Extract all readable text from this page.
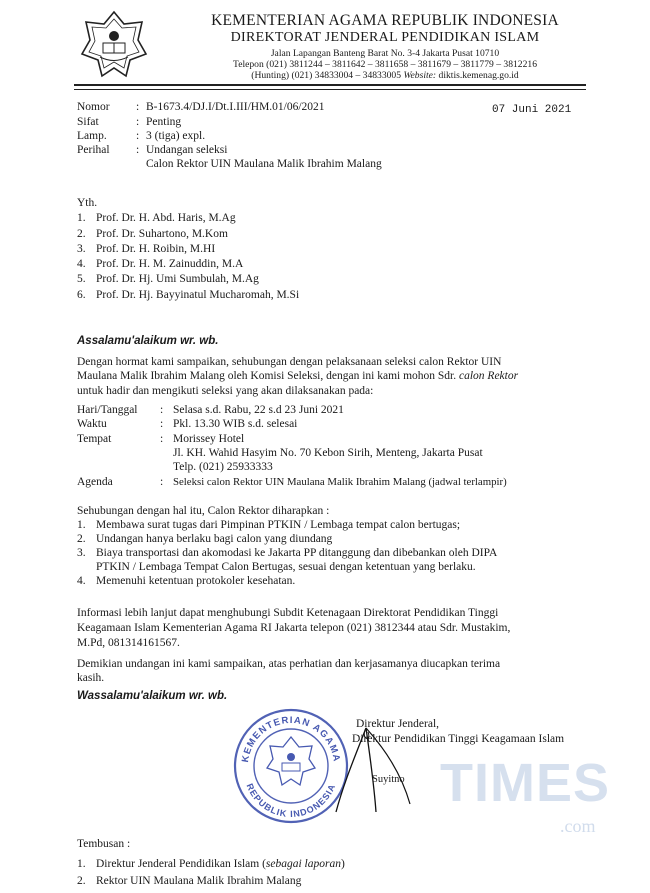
KEMENTERIAN AGAMA REPUBLIK INDONESIA
DIREKTORAT JENDERAL PENDIDIKAN ISLAM
Jalan Lapangan Banteng Barat No. 3-4 Jakarta Pusat 10710
Telepon (021) 3811244 – 3811642 – 3811658 – 3811679 – 3811779 – 3812216
(Hunting) (021) 34833004 – 34833005 Website: diktis.kemenag.go.id
Nomor : B-1673.4/DJ.I/Dt.I.III/HM.01/06/2021	07 Juni 2021
Sifat	: Penting
Lamp.	: 3 (tiga) expl.
Perihal : Undangan seleksi
Calon Rektor UIN Maulana Malik Ibrahim Malang
Yth.
1. Prof. Dr. H. Abd. Haris, M.Ag
2. Prof. Dr. Suhartono, M.Kom
3. Prof. Dr. H. Roibin, M.HI
4. Prof. Dr. H. M. Zainuddin, M.A
5. Prof. Dr. Hj. Umi Sumbulah, M.Ag
6. Prof. Dr. Hj. Bayyinatul Mucharomah, M.Si
Assalamu'alaikum wr. wb.
Dengan hormat kami sampaikan, sehubungan dengan pelaksanaan seleksi calon Rektor UIN
Maulana Malik Ibrahim Malang oleh Komisi Seleksi, dengan ini kami mohon Sdr. calon Rektor
untuk hadir dan mengikuti seleksi yang akan dilaksanakan pada:
Hari/Tanggal : Selasa s.d. Rabu, 22 s.d 23 Juni 2021
Waktu	: Pkl. 13.30 WIB s.d. selesai
Tempat	: Morissey Hotel
Jl. KH. Wahid Hasyim No. 70 Kebon Sirih, Menteng, Jakarta Pusat
Telp. (021) 25933333
Agenda	: Seleksi calon Rektor UIN Maulana Malik Ibrahim Malang (jadwal terlampir)
Sehubungan dengan hal itu, Calon Rektor diharapkan :
1. Membawa surat tugas dari Pimpinan PTKIN / Lembaga tempat calon bertugas;
2. Undangan hanya berlaku bagi calon yang diundang
3. Biaya transportasi dan akomodasi ke Jakarta PP ditanggung dan dibebankan oleh DIPA
PTKIN / Lembaga Tempat Calon Bertugas, sesuai dengan ketentuan yang berlaku.
4. Memenuhi ketentuan protokoler kesehatan.
Informasi lebih lanjut dapat menghubungi Subdit Ketenagaan Direktorat Pendidikan Tinggi
Keagamaan Islam Kementerian Agama RI Jakarta telepon (021) 3812344 atau Sdr. Mustakim,
M.Pd, 081314161567.
Demikian undangan ini kami sampaikan, atas perhatian dan kerjasamanya diucapkan terima
kasih.
Wassalamu'alaikum wr. wb.
Direktur Jenderal,
Direktur Pendidikan Tinggi Keagamaan Islam
KEMENTERIAN AGAMA
REPUBLIK INDONESIA
Suyitno TIMES
.com
Tembusan :
1. Direktur Jenderal Pendidikan Islam (sebagai laporan)
2. Rektor UIN Maulana Malik Ibrahim Malang
